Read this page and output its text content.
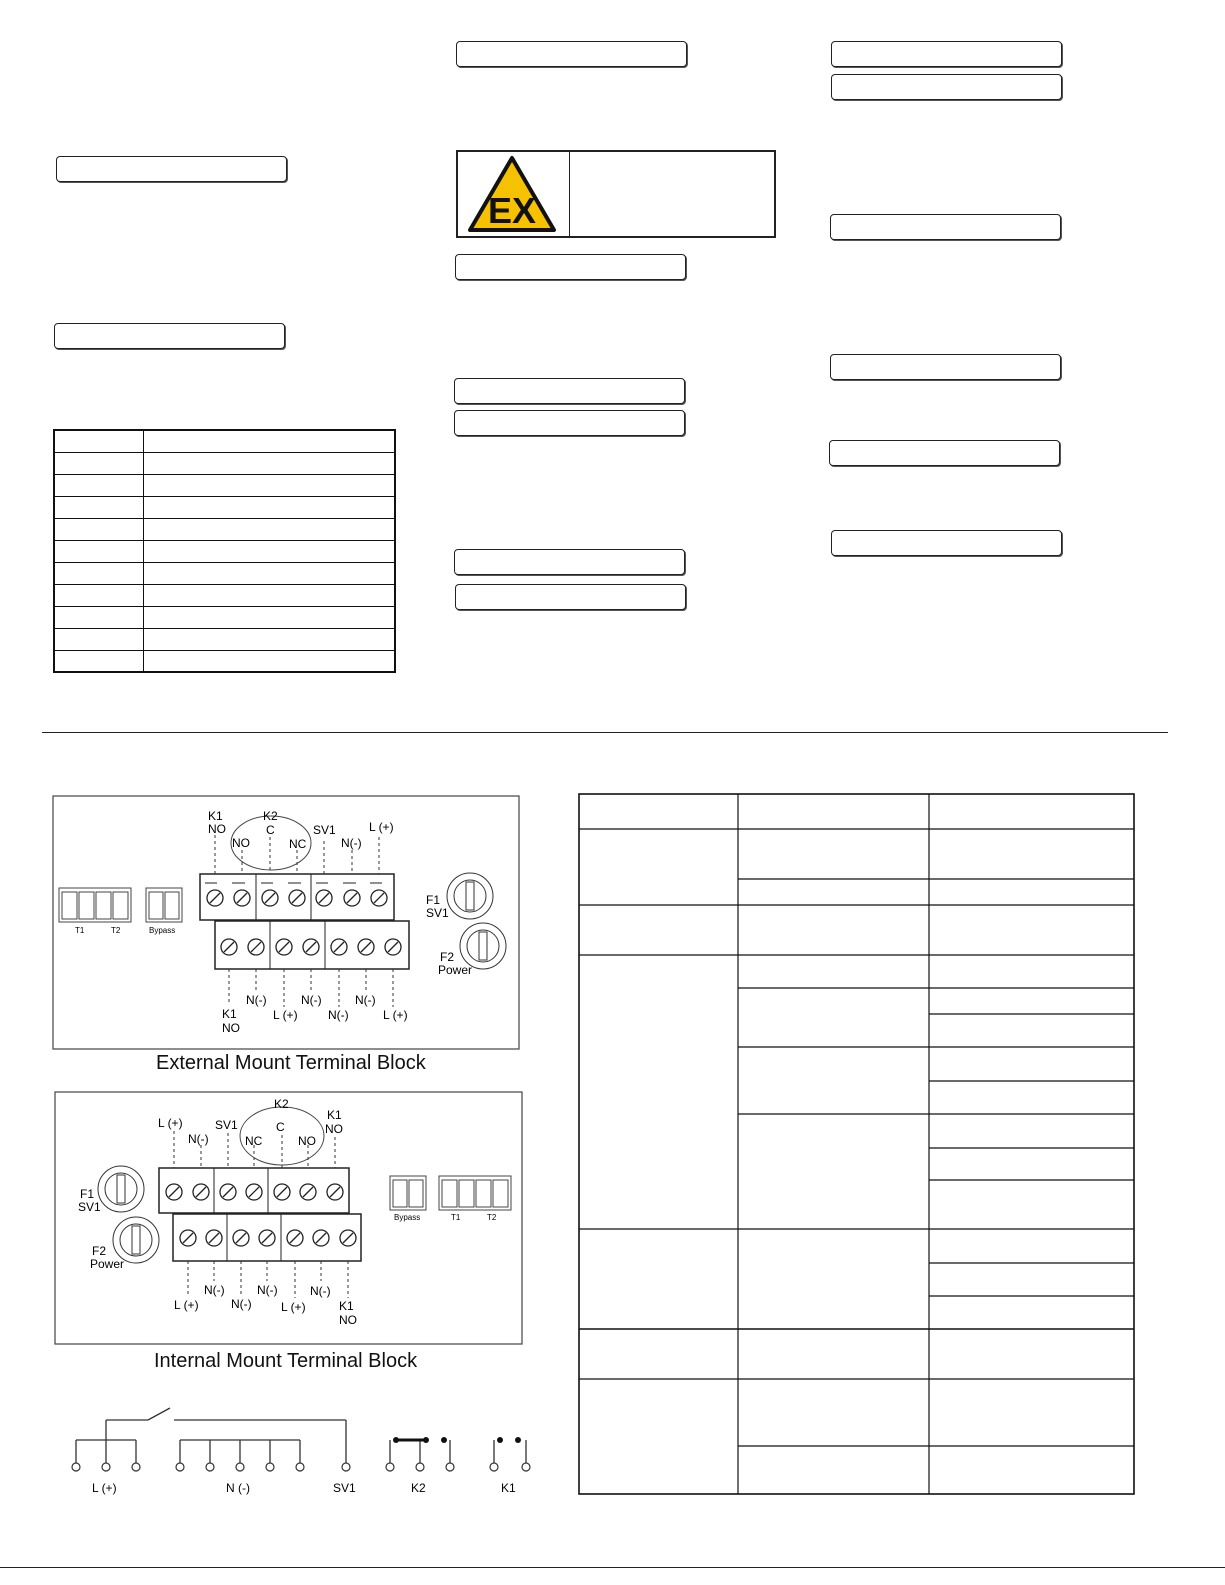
EX

T1	T2	Bypass
K1
NO
K2
C
NO	NC
SV1
N(-)
L (+)
K1
NO
N(-)
L (+)
N(-)
N(-)
N(-)
L (+)
F1
SV1
F2
Power
External Mount Terminal Block
L (+)
N(-)
SV1
K2
C
NC	NO
K1
NO
L (+)
N(-)
N(-)
N(-)
L (+)
N(-)
K1
NO
F1
SV1
F2
Power
Bypass	T1	T2
Internal Mount Terminal Block
L (+)	N (-)	SV1	K2	K1
